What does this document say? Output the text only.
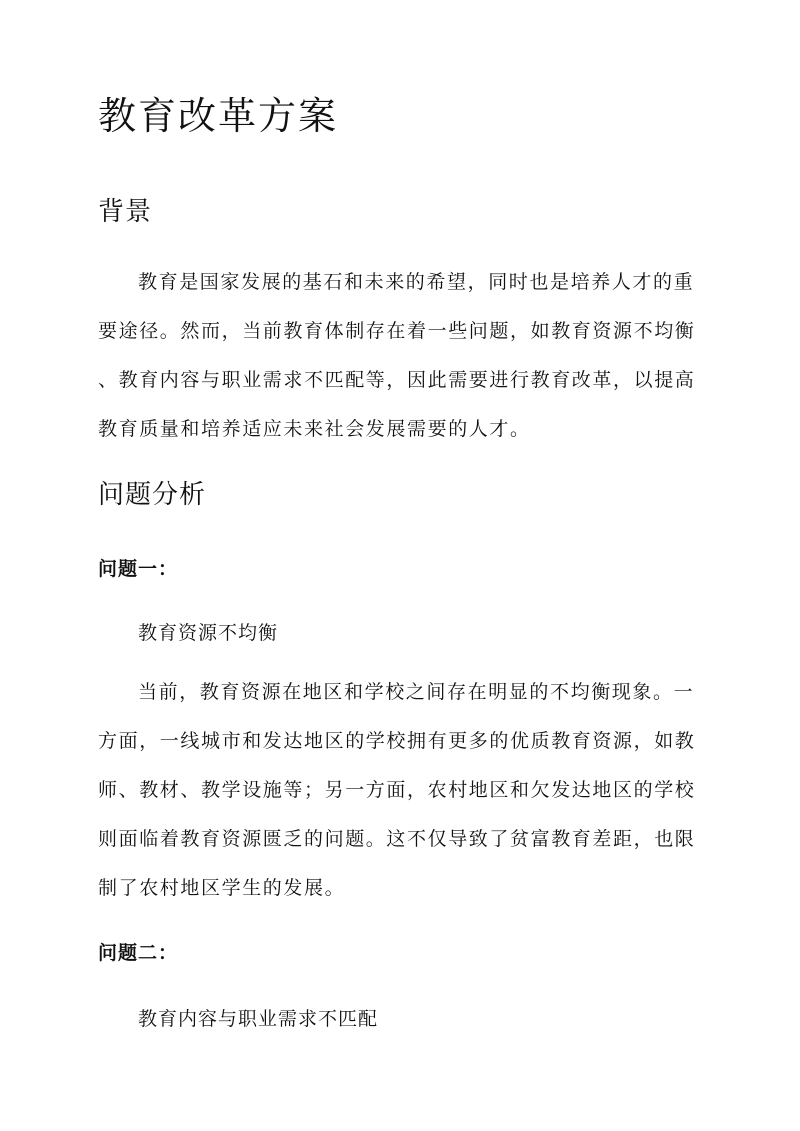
教育改革方案
背景

教育是国家发展的基石和未来的希望，同时也是培养人才的重
要途径。然而，当前教育体制存在着一些问题，如教育资源不均衡
、教育内容与职业需求不匹配等，因此需要进行教育改革，以提高
教育质量和培养适应未来社会发展需要的人才。

问题分析
问题一：

教育资源不均衡

当前，教育资源在地区和学校之间存在明显的不均衡现象。一
方面，一线城市和发达地区的学校拥有更多的优质教育资源，如教
师、教材、教学设施等；另一方面，农村地区和欠发达地区的学校
则面临着教育资源匮乏的问题。这不仅导致了贫富教育差距，也限
制了农村地区学生的发展。

问题二：

教育内容与职业需求不匹配
